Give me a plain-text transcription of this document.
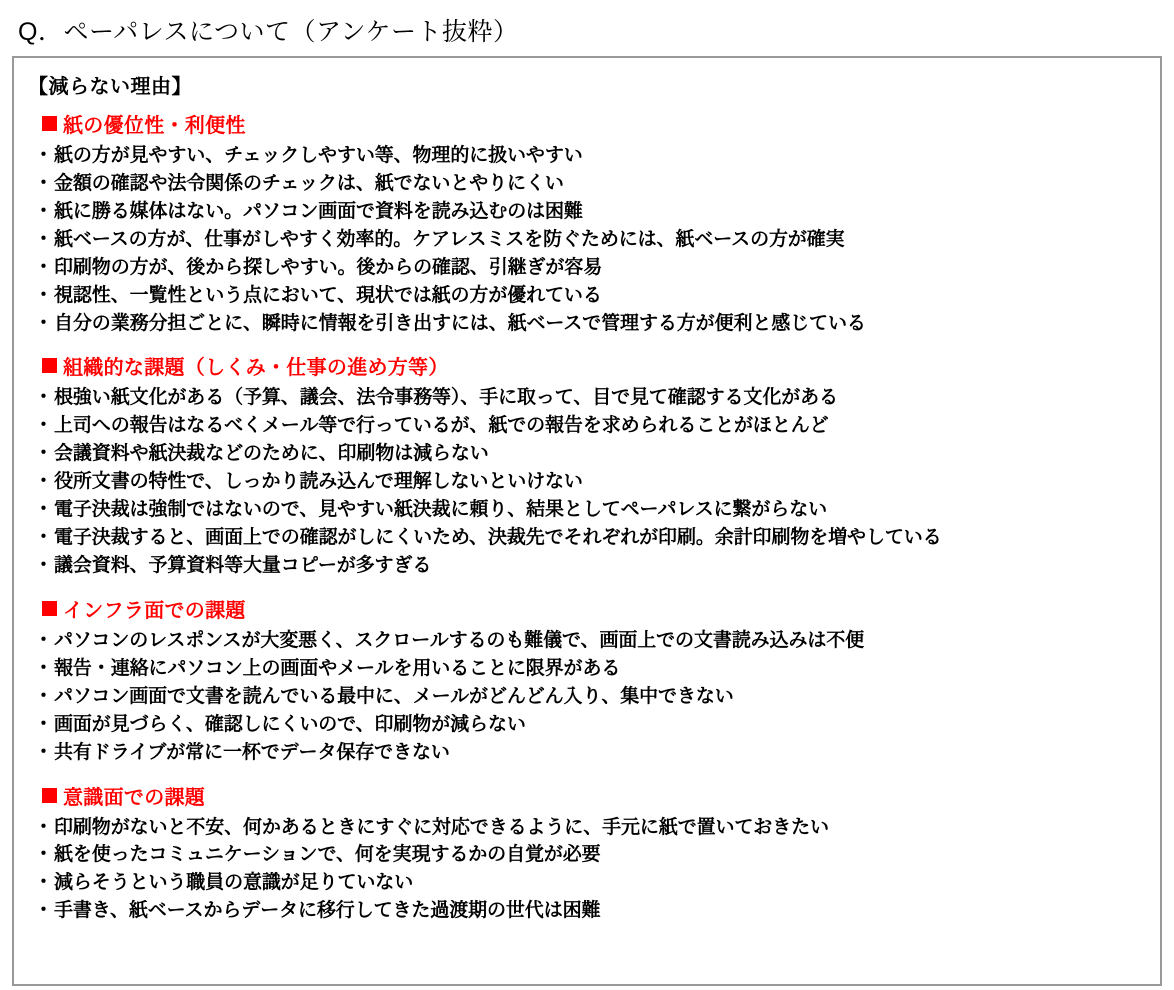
Q．ペーパレスについて（アンケート抜粋）
【減らない理由】
紙の優位性・利便性
・ 紙の方が見やすい、チェックしやすい等、物理的に扱いやすい
・ 金額の確認や法令関係のチェックは、紙でないとやりにくい
・ 紙に勝る媒体はない。パソコン画面で資料を読み込むのは困難
・ 紙ベースの方が、仕事がしやすく効率的。ケアレスミスを防ぐためには、紙ベースの方が確実
・ 印刷物の方が、後から探しやすい。後からの確認、引継ぎが容易
・ 視認性、一覧性という点において、現状では紙の方が優れている
・ 自分の業務分担ごとに、瞬時に情報を引き出すには、紙ベースで管理する方が便利と感じている
組織的な課題（しくみ・仕事の進め方等）
・ 根強い紙文化がある（予算、議会、法令事務等）、手に取って、目で見て確認する文化がある
・ 上司への報告はなるべくメール等で行っているが、紙での報告を求められることがほとんど
・ 会議資料や紙決裁などのために、印刷物は減らない
・ 役所文書の特性で、しっかり読み込んで理解しないといけない
・ 電子決裁は強制ではないので、見やすい紙決裁に頼り、結果としてペーパレスに繋がらない
・ 電子決裁すると、画面上での確認がしにくいため、決裁先でそれぞれが印刷。余計印刷物を増やしている
・ 議会資料、予算資料等大量コピーが多すぎる
インフラ面での課題
・ パソコンのレスポンスが大変悪く、スクロールするのも難儀で、画面上での文書読み込みは不便
・ 報告・連絡にパソコン上の画面やメールを用いることに限界がある
・ パソコン画面で文書を読んでいる最中に、メールがどんどん入り、集中できない
・ 画面が見づらく、確認しにくいので、印刷物が減らない
・ 共有ドライブが常に一杯でデータ保存できない
意識面での課題
・ 印刷物がないと不安、何かあるときにすぐに対応できるように、手元に紙で置いておきたい
・ 紙を使ったコミュニケーションで、何を実現するかの自覚が必要
・ 減らそうという職員の意識が足りていない
・ 手書き、紙ベースからデータに移行してきた過渡期の世代は困難
